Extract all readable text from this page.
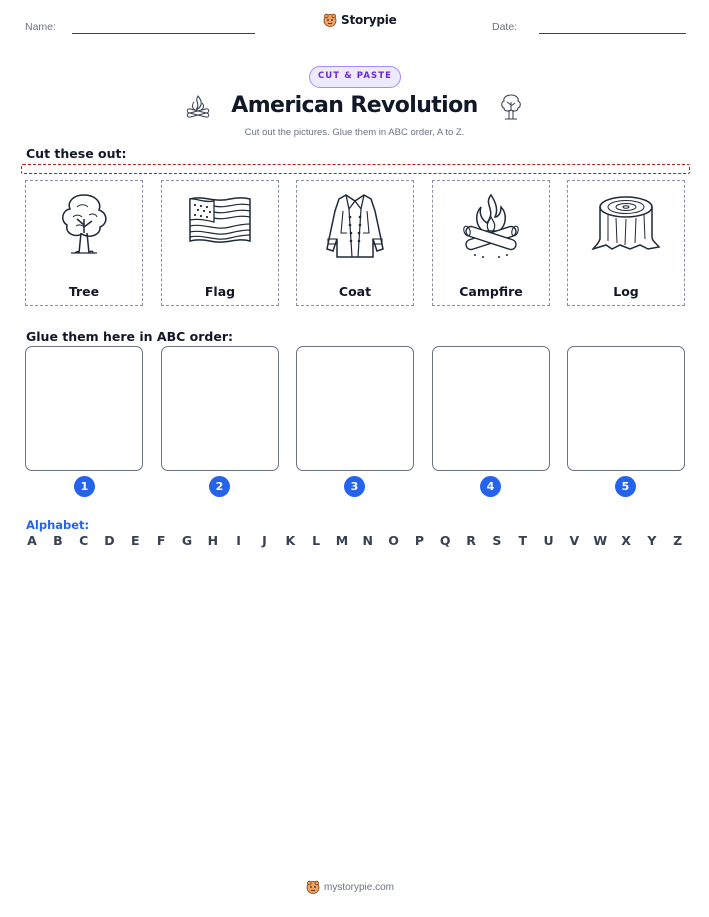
Name:	Storypie	Date:
CUT & PASTE
American Revolution
Cut out the pictures. Glue them in ABC order, A to Z.
Cut these out:
Tree	Flag	Coat	Campfire	Log
Glue them here in ABC order:
1	2	3	4	5
Alphabet:
A B C D E F G H	I	J	K L M N O P Q R S T U V W X Y Z
mystorypie.com
